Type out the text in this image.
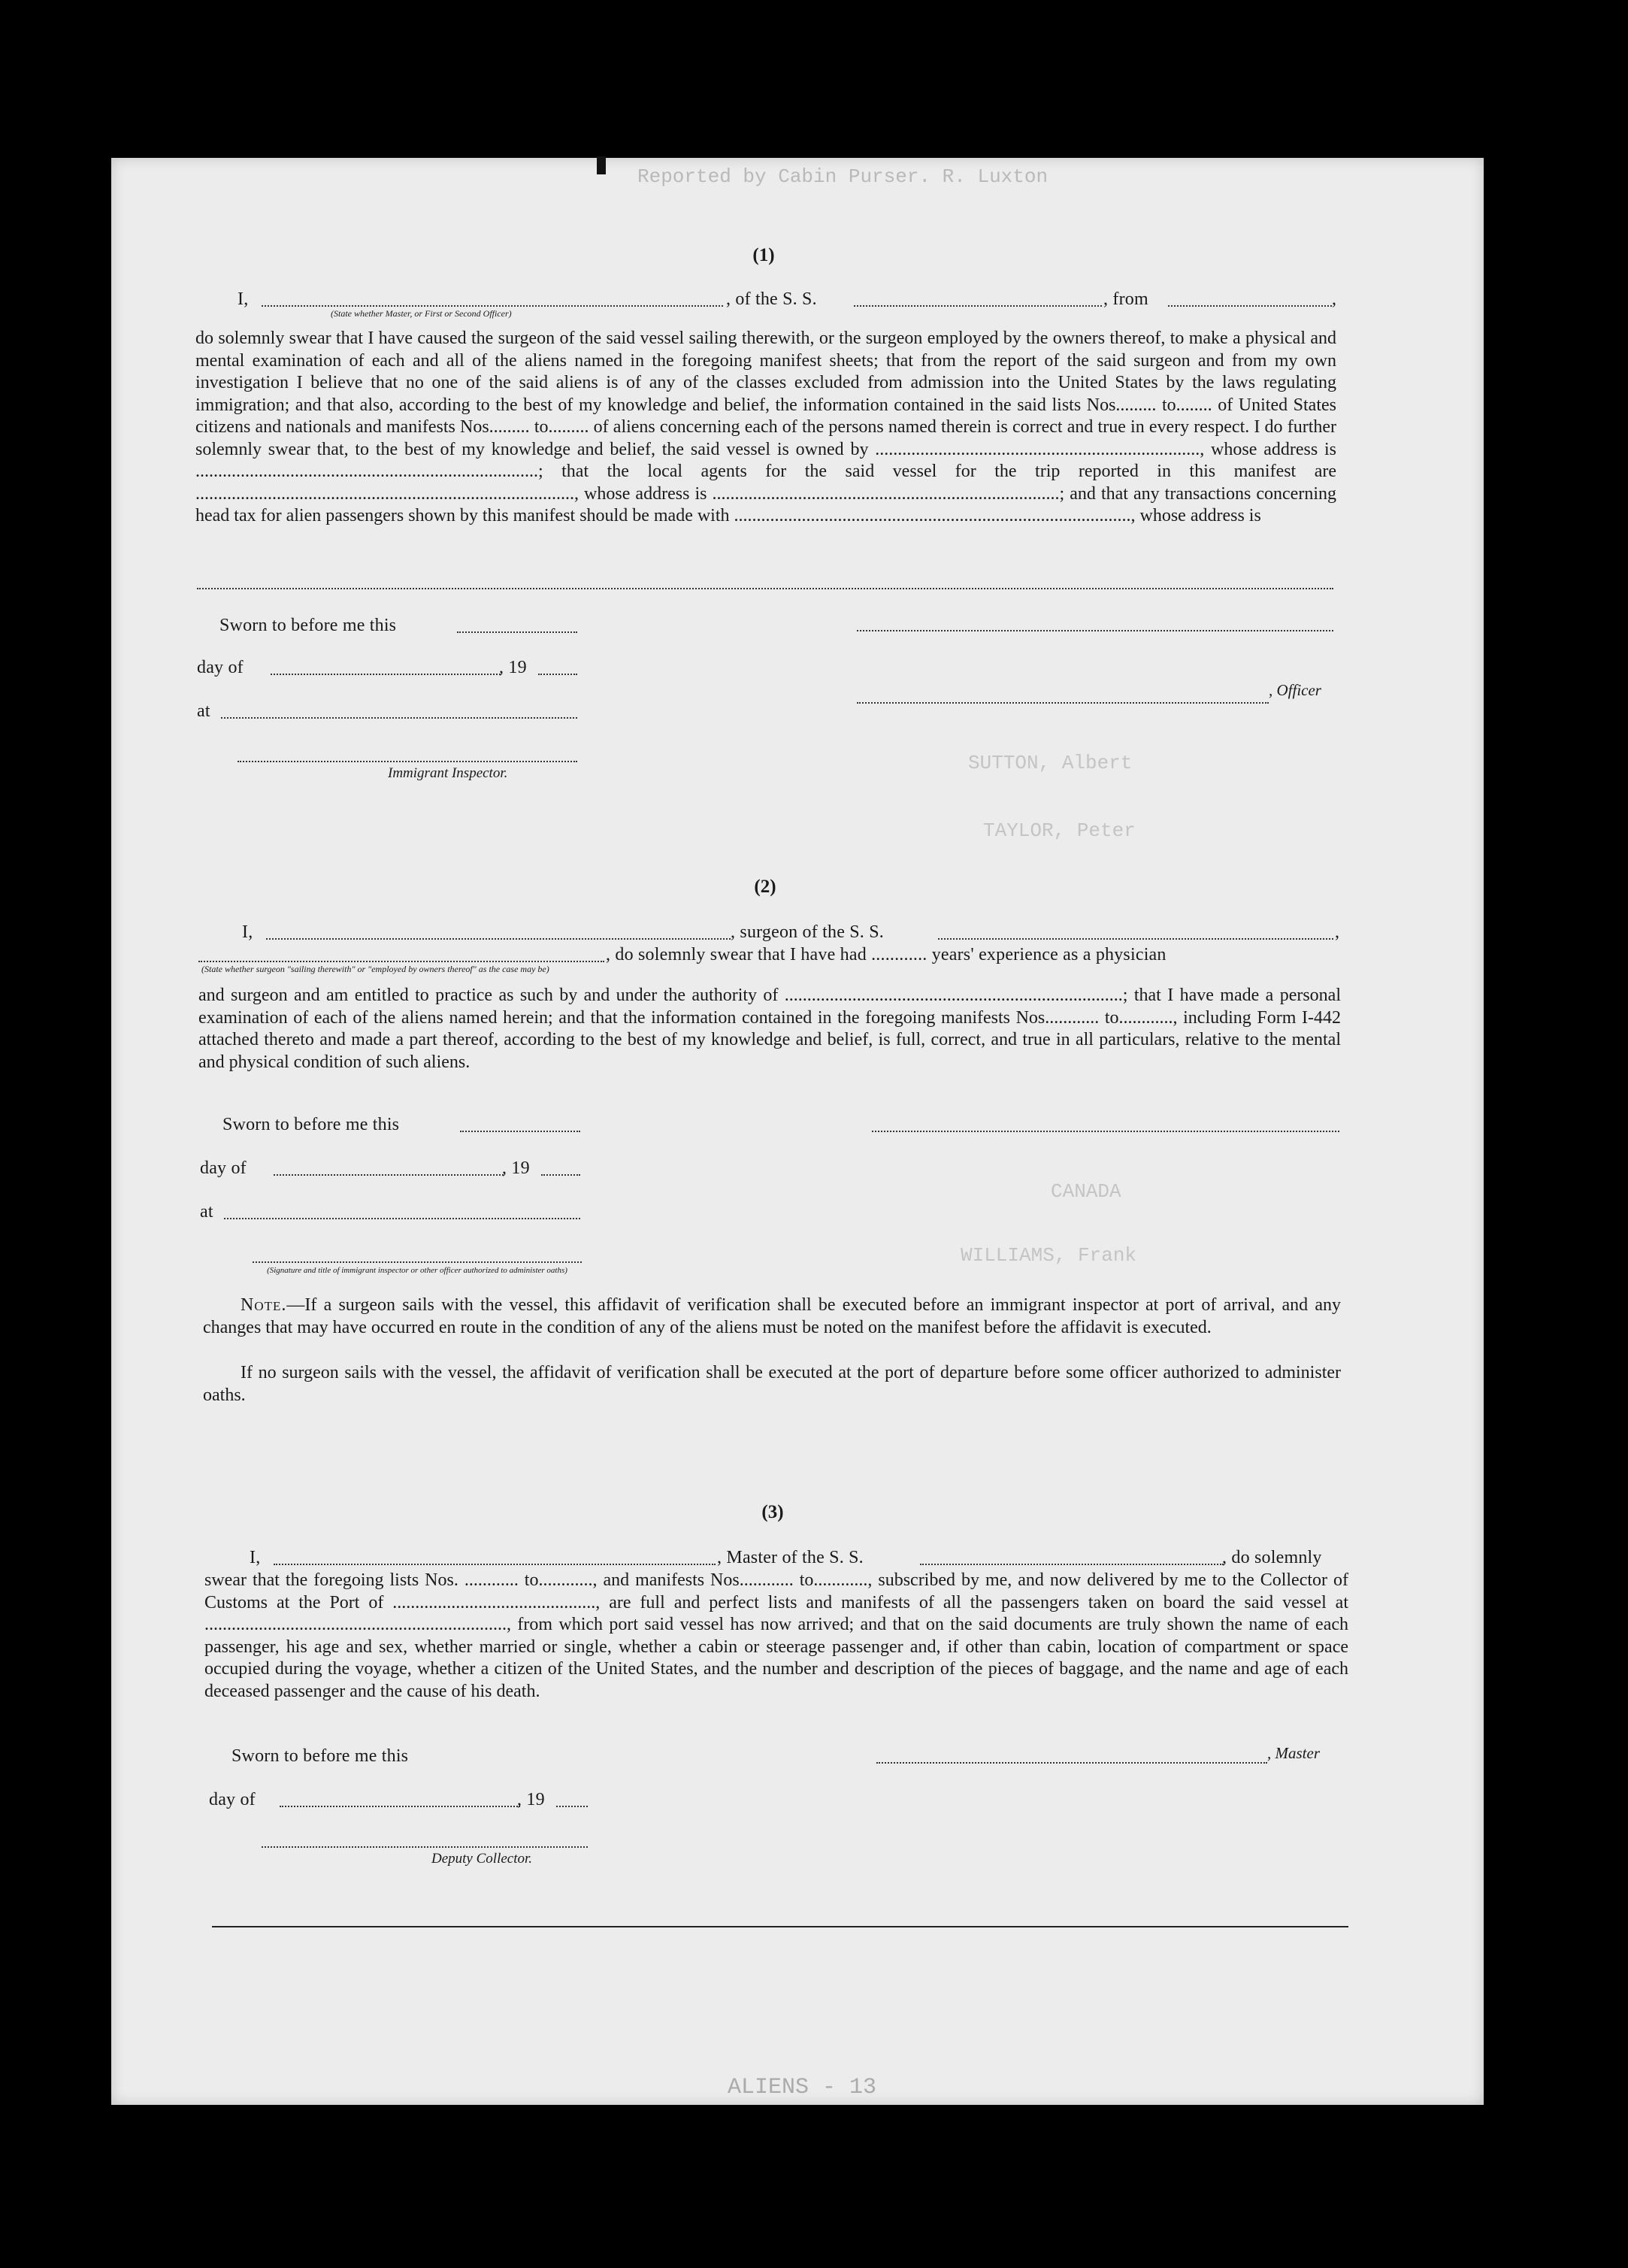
Reported by Cabin Purser. R. Luxton
SUTTON, Albert
TAYLOR, Peter
WILLIAMS, Frank
CANADA
ALIENS - 13
(1)
I,	, of the S. S.	, from	,
(State whether Master, or First or Second Officer)
do solemnly swear that I have caused the surgeon of the said vessel sailing therewith, or the surgeon employed by the owners thereof, to make a physical and mental examination of each and all of the aliens named in the foregoing manifest sheets; that from the report of the said surgeon and from my own investigation I believe that no one of the said aliens is of any of the classes excluded from admission into the United States by the laws regulating immigration; and that also, according to the best of my knowledge and belief, the information contained in the said lists Nos......... to........ of United States citizens and nationals and manifests Nos......... to......... of aliens concerning each of the persons named therein is correct and true in every respect. I do further solemnly swear that, to the best of my knowledge and belief, the said vessel is owned by ........................................................................, whose address is ............................................................................; that the local agents for the said vessel for the trip reported in this manifest are ...................................................................................., whose address is .............................................................................; and that any transactions concerning head tax for alien passengers shown by this manifest should be made with ........................................................................................, whose address is
Sworn to before me this
day of	, 19
, Officer
at
Immigrant Inspector.
(2)
I,	, surgeon of the S. S.	,
, do solemnly swear that I have had ............ years' experience as a physician
(State whether surgeon "sailing therewith" or "employed by owners thereof" as the case may be)
and surgeon and am entitled to practice as such by and under the authority of ...........................................................................; that I have made a personal examination of each of the aliens named herein; and that the information contained in the foregoing manifests Nos............ to............, including Form I-442 attached thereto and made a part thereof, according to the best of my knowledge and belief, is full, correct, and true in all particulars, relative to the mental and physical condition of such aliens.
Sworn to before me this
day of	, 19
at
(Signature and title of immigrant inspector or other officer authorized to administer oaths)
Note.—If a surgeon sails with the vessel, this affidavit of verification shall be executed before an immigrant inspector at port of arrival, and any changes that may have occurred en route in the condition of any of the aliens must be noted on the manifest before the affidavit is executed.
If no surgeon sails with the vessel, the affidavit of verification shall be executed at the port of departure before some officer authorized to administer oaths.
(3)
I,	, Master of the S. S.	, do solemnly
swear that the foregoing lists Nos. ............ to............, and manifests Nos............ to............, subscribed by me, and now delivered by me to the Collector of Customs at the Port of ............................................., are full and perfect lists and manifests of all the passengers taken on board the said vessel at ..................................................................., from which port said vessel has now arrived; and that on the said documents are truly shown the name of each passenger, his age and sex, whether married or single, whether a cabin or steerage passenger and, if other than cabin, location of compartment or space occupied during the voyage, whether a citizen of the United States, and the number and description of the pieces of baggage, and the name and age of each deceased passenger and the cause of his death.
Sworn to before me this	, Master
day of	, 19
Deputy Collector.
